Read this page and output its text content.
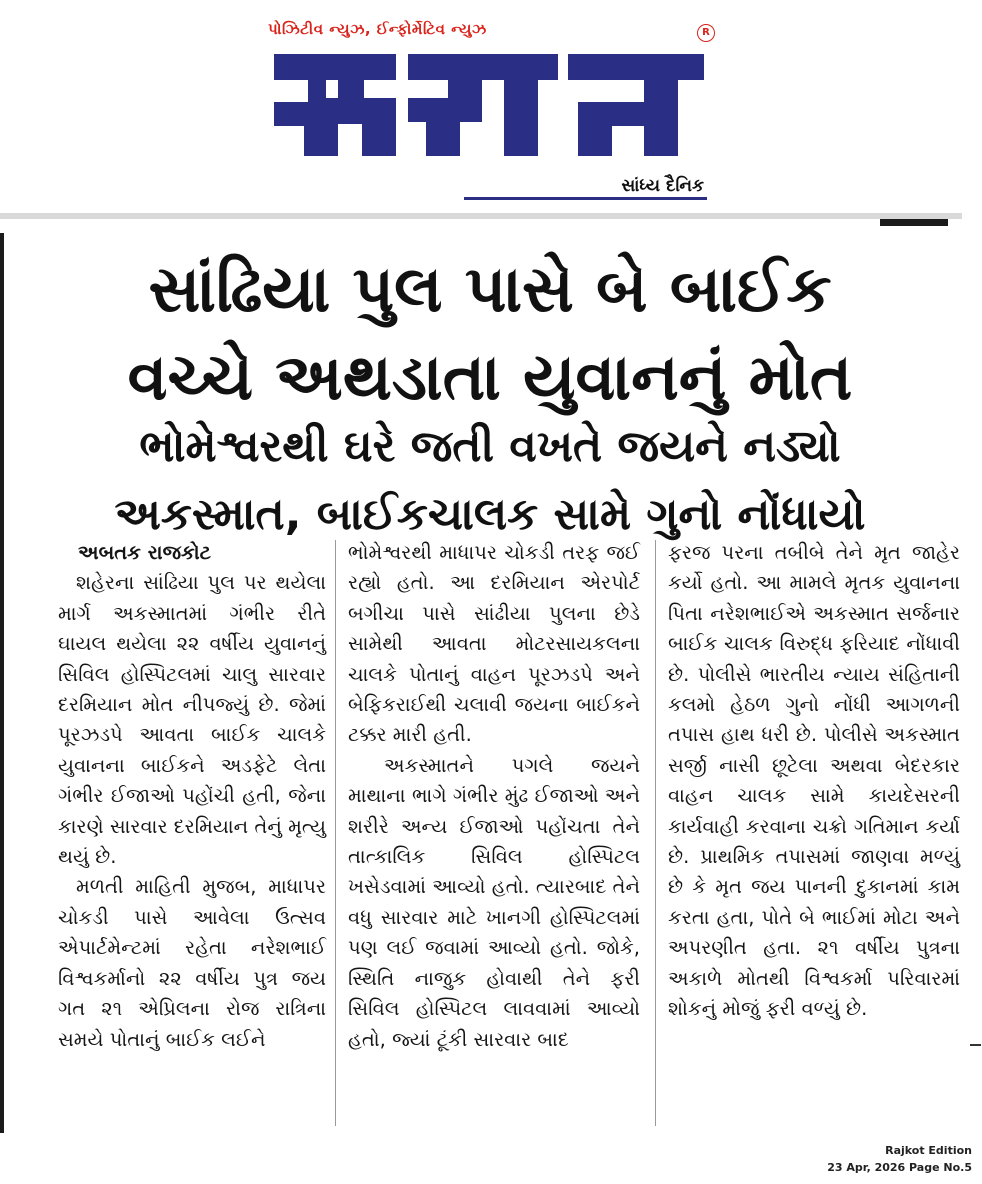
પોઝિટીવ ન્યુઝ, ઈન્ફોર્મેટિવ ન્યુઝ	R
સાંધ્ય દૈનિક
સાંઢિયા પુલ પાસે બે બાઈક
વચ્ચે અથડાતા યુવાનનું મોત
ભોમેશ્વરથી ઘરે જતી વખતે જયને નડ્યો
અકસ્માત, બાઈકચાલક સામે ગુનો નોંધાયો

અબતક રાજકોટ

શહેરના સાંઢિયા પુલ પર થયેલા માર્ગ અકસ્માતમાં ગંભીર રીતે ઘાયલ થયેલા ૨૨ વર્ષીય યુવાનનું સિવિલ હોસ્પિટલમાં ચાલુ સારવાર દરમિયાન મોત નીપજ્યું છે. જેમાં પૂરઝડપે આવતા બાઈક ચાલકે યુવાનના બાઈકને અડફેટે લેતા ગંભીર ઈજાઓ પહોંચી હતી, જેના કારણે સારવાર દરમિયાન તેનું મૃત્યુ થયું છે.

મળતી માહિતી મુજબ, માધાપર ચોકડી પાસે આવેલા ઉત્સવ એપાર્ટમેન્ટમાં રહેતા નરેશભાઈ વિશ્વકર્માનો ૨૨ વર્ષીય પુત્ર જય ગત ૨૧ એપ્રિલના રોજ રાત્રિના સમયે પોતાનું બાઈક લઈને

ભોમેશ્વરથી માધાપર ચોકડી તરફ જઈ રહ્યો હતો. આ દરમિયાન એરપોર્ટ બગીચા પાસે સાંઢીયા પુલના છેડે સામેથી આવતા મોટરસાયકલના ચાલકે પોતાનું વાહન પૂરઝડપે અને બેફિકરાઈથી ચલાવી જયના બાઈકને ટક્કર મારી હતી.

અકસ્માતને પગલે જયને માથાના ભાગે ગંભીર મુંઢ ઈજાઓ અને શરીરે અન્ય ઈજાઓ પહોંચતા તેને તાત્કાલિક સિવિલ હોસ્પિટલ ખસેડવામાં આવ્યો હતો. ત્યારબાદ તેને વધુ સારવાર માટે ખાનગી હોસ્પિટલમાં પણ લઈ જવામાં આવ્યો હતો. જોકે, સ્થિતિ નાજુક હોવાથી તેને ફરી સિવિલ હોસ્પિટલ લાવવામાં આવ્યો હતો, જ્યાં ટૂંકી સારવાર બાદ

ફરજ પરના તબીબે તેને મૃત જાહેર કર્યો હતો. આ મામલે મૃતક યુવાનના પિતા નરેશભાઈએ અકસ્માત સર્જનાર બાઈક ચાલક વિરુદ્ધ ફરિયાદ નોંધાવી છે. પોલીસે ભારતીય ન્યાય સંહિતાની કલમો હેઠળ ગુનો નોંધી આગળની તપાસ હાથ ધરી છે. પોલીસે અકસ્માત સર્જી નાસી છૂટેલા અથવા બેદરકાર વાહન ચાલક સામે કાયદેસરની કાર્યવાહી કરવાના ચક્રો ગતિમાન કર્યા છે. પ્રાથમિક તપાસમાં જાણવા મળ્યું છે કે મૃત જય પાનની દુકાનમાં કામ કરતા હતા, પોતે બે ભાઈમાં મોટા અને અપરણીત હતા. ૨૧ વર્ષીય પુત્રના અકાળે મોતથી વિશ્વકર્મા પરિવારમાં શોકનું મોજું ફરી વળ્યું છે.

Rajkot Edition
23 Apr, 2026 Page No.5
